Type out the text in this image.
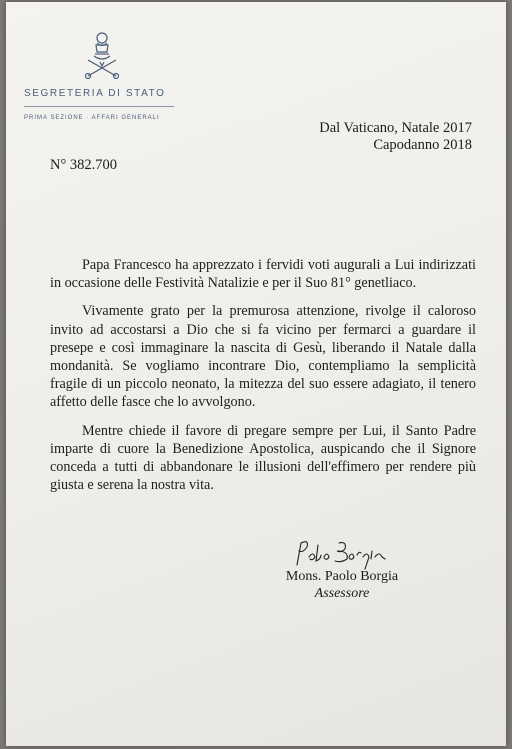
SEGRETERIA DI STATO
PRIMA SEZIONE · AFFARI GENERALI
Dal Vaticano, Natale 2017
Capodanno 2018
N° 382.700

Papa Francesco ha apprezzato i fervidi voti augurali a Lui indirizzati in occasione delle Festività Natalizie e per il Suo 81° genetliaco.

Vivamente grato per la premurosa attenzione, rivolge il caloroso invito ad accostarsi a Dio che si fa vicino per fermarci a guardare il presepe e così immaginare la nascita di Gesù, liberando il Natale dalla mondanità. Se vogliamo incontrare Dio, contempliamo la semplicità fragile di un piccolo neonato, la mitezza del suo essere adagiato, il tenero affetto delle fasce che lo avvolgono.

Mentre chiede il favore di pregare sempre per Lui, il Santo Padre imparte di cuore la Benedizione Apostolica, auspicando che il Signore conceda a tutti di abbandonare le illusioni dell'effimero per rendere più giusta e serena la nostra vita.

Mons. Paolo Borgia
Assessore
